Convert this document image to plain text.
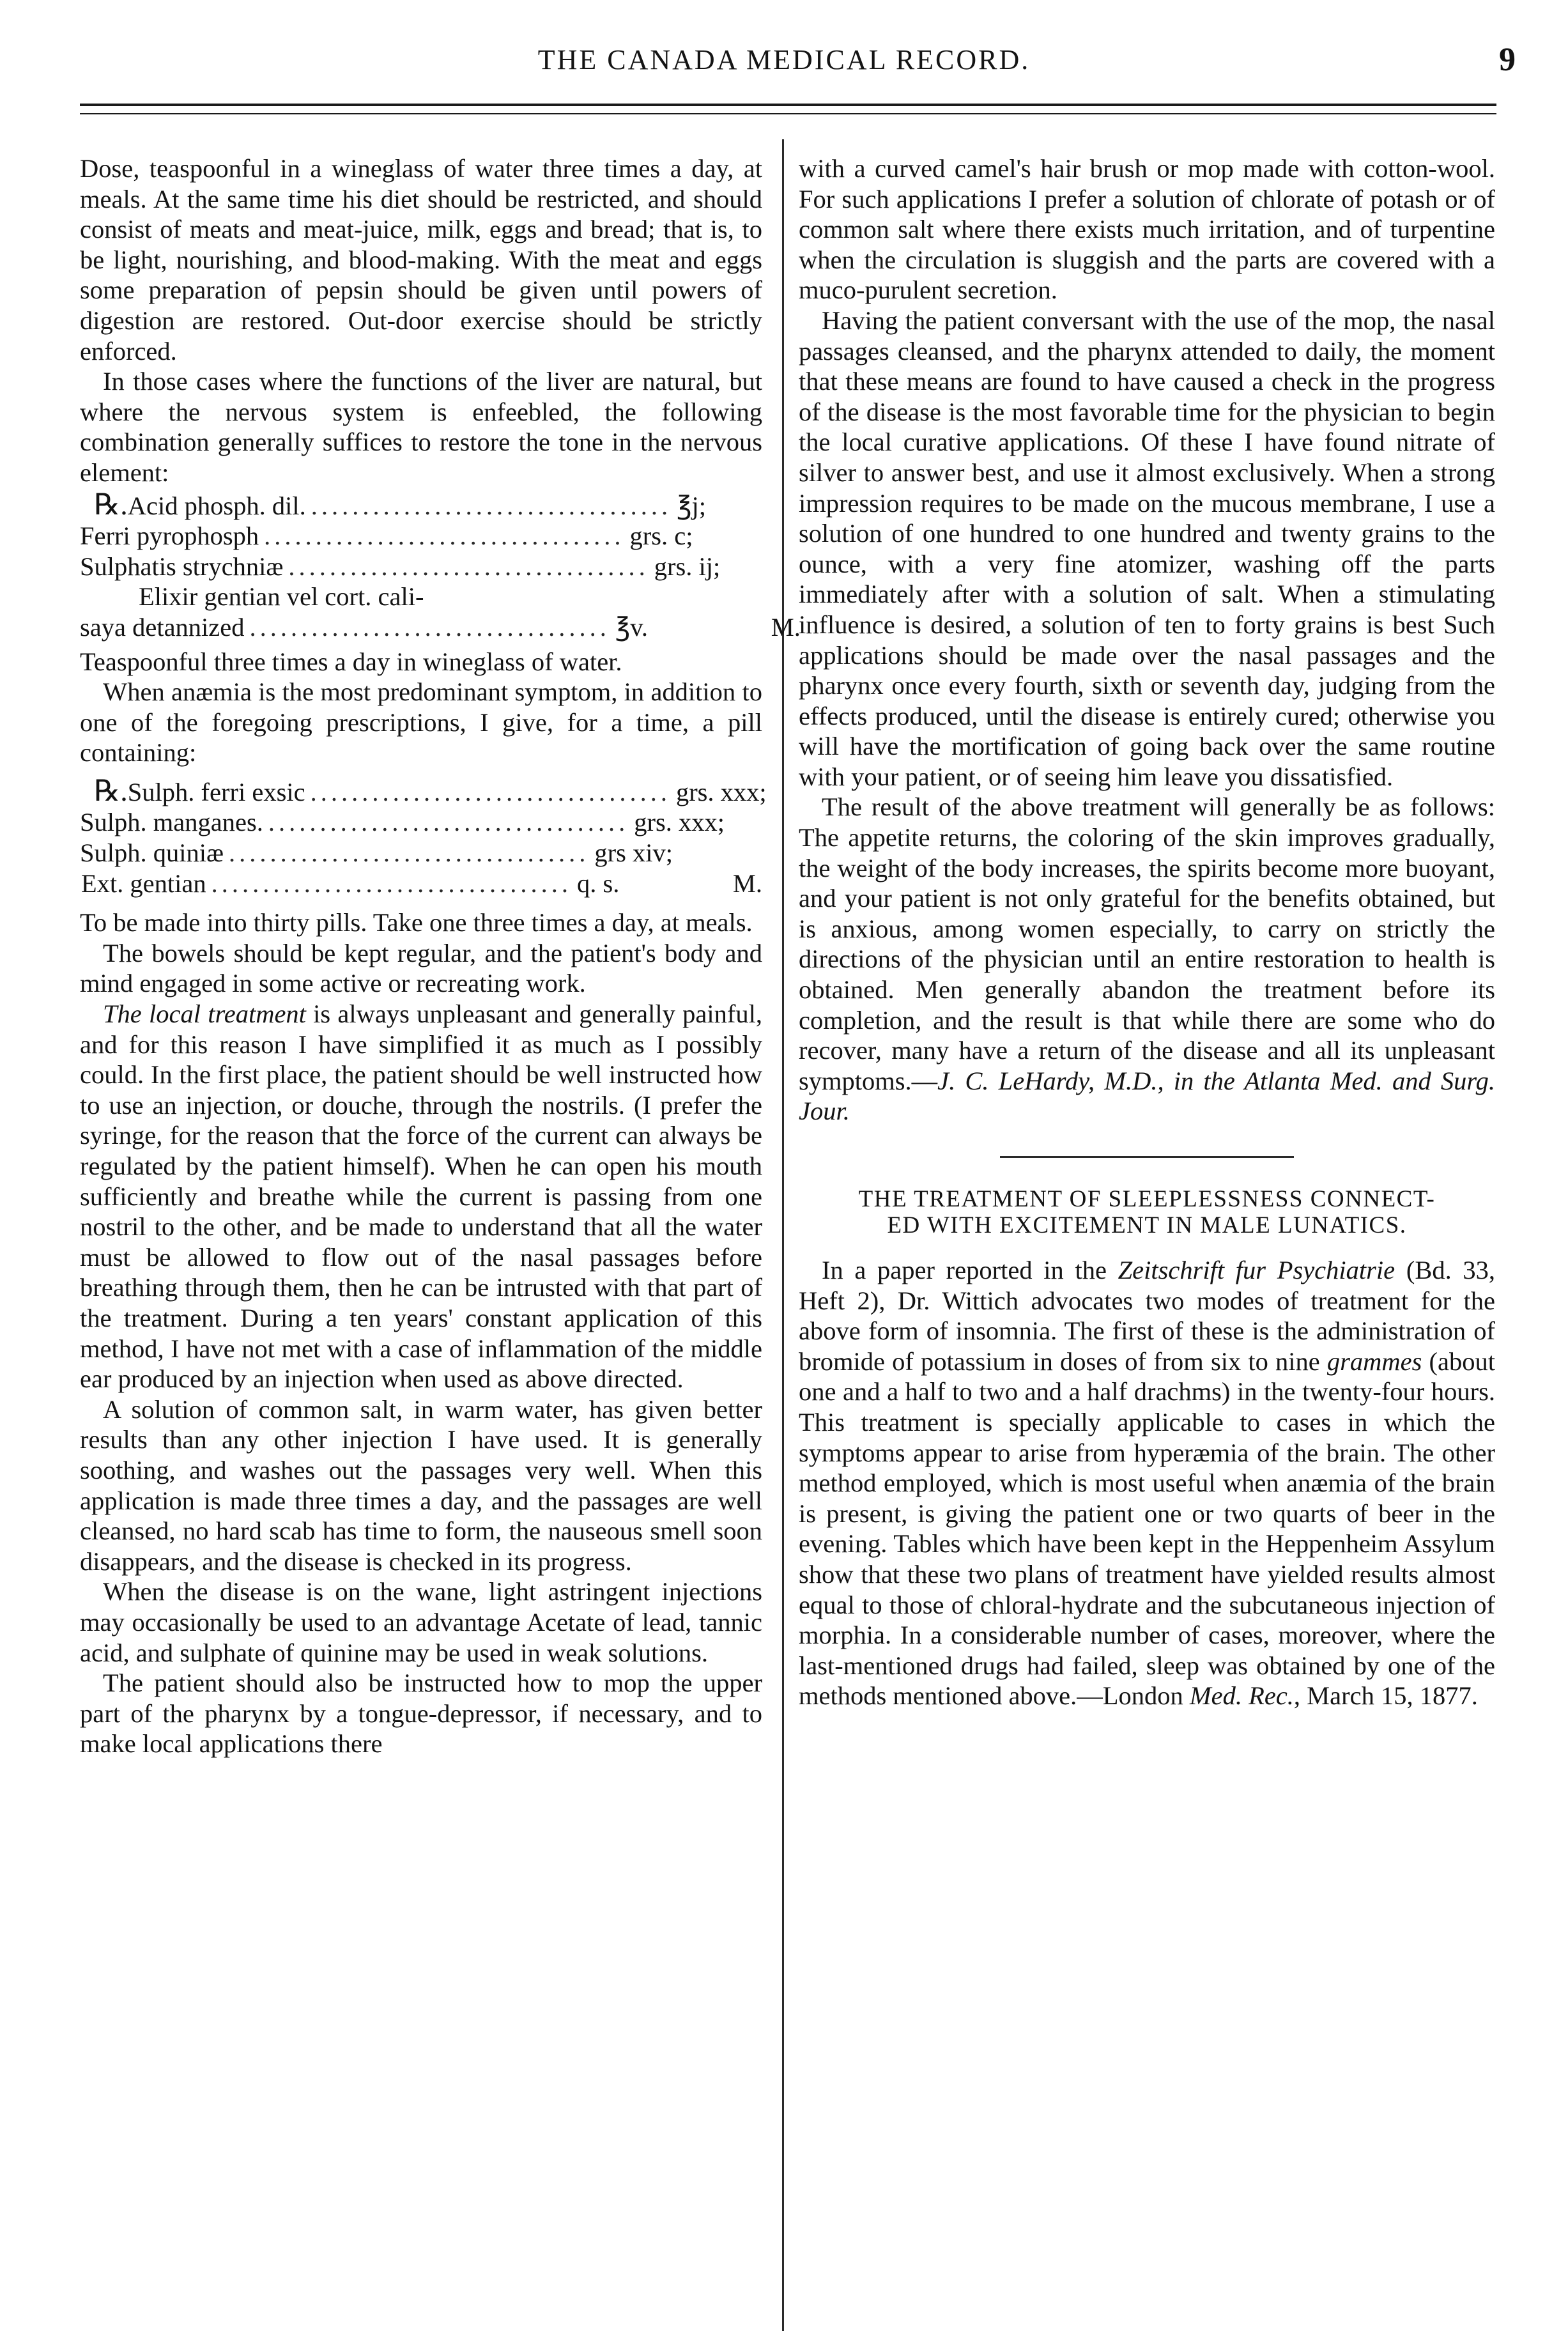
THE CANADA MEDICAL RECORD.	9

Dose, teaspoonful in a wineglass of water three times a day, at meals. At the same time his diet should be restricted, and should consist of meats and meat-juice, milk, eggs and bread; that is, to be light, nourishing, and blood-making. With the meat and eggs some preparation of pepsin should be given until powers of digestion are restored. Out-door exercise should be strictly enforced.

In those cases where the functions of the liver are natural, but where the nervous system is enfeebled, the following combination generally suffices to restore the tone in the nervous element:

℞. Acid phosph. dil. ................................... ℥j;
Ferri pyrophosph ................................... grs. c;
Sulphatis strychniæ ................................... grs. ij;
Elixir gentian vel cort. cali-
saya detannized ................................... ℥v.	M.

Teaspoonful three times a day in wineglass of water.

When anæmia is the most predominant symptom, in addition to one of the foregoing prescriptions, I give, for a time, a pill containing:

℞. Sulph. ferri exsic ................................... grs. xxx;
Sulph. manganes. ................................... grs. xxx;
Sulph. quiniæ ................................... grs xiv;
Ext. gentian ................................... q. s.	M.

To be made into thirty pills. Take one three times a day, at meals.

The bowels should be kept regular, and the patient's body and mind engaged in some active or recreating work.

The local treatment is always unpleasant and generally painful, and for this reason I have simplified it as much as I possibly could. In the first place, the patient should be well instructed how to use an injection, or douche, through the nostrils. (I prefer the syringe, for the reason that the force of the current can always be regulated by the patient himself). When he can open his mouth sufficiently and breathe while the current is passing from one nostril to the other, and be made to understand that all the water must be allowed to flow out of the nasal passages before breathing through them, then he can be intrusted with that part of the treatment. During a ten years' constant application of this method, I have not met with a case of inflammation of the middle ear produced by an injection when used as above directed.

A solution of common salt, in warm water, has given better results than any other injection I have used. It is generally soothing, and washes out the passages very well. When this application is made three times a day, and the passages are well cleansed, no hard scab has time to form, the nauseous smell soon disappears, and the disease is checked in its progress.

When the disease is on the wane, light astringent injections may occasionally be used to an advantage Acetate of lead, tannic acid, and sulphate of quinine may be used in weak solutions.

The patient should also be instructed how to mop the upper part of the pharynx by a tongue-depressor, if necessary, and to make local applications there

with a curved camel's hair brush or mop made with cotton-wool. For such applications I prefer a solution of chlorate of potash or of common salt where there exists much irritation, and of turpentine when the circulation is sluggish and the parts are covered with a muco-purulent secretion.

Having the patient conversant with the use of the mop, the nasal passages cleansed, and the pharynx attended to daily, the moment that these means are found to have caused a check in the progress of the disease is the most favorable time for the physician to begin the local curative applications. Of these I have found nitrate of silver to answer best, and use it almost exclusively. When a strong impression requires to be made on the mucous membrane, I use a solution of one hundred to one hundred and twenty grains to the ounce, with a very fine atomizer, washing off the parts immediately after with a solution of salt. When a stimulating influence is desired, a solution of ten to forty grains is best Such applications should be made over the nasal passages and the pharynx once every fourth, sixth or seventh day, judging from the effects produced, until the disease is entirely cured; otherwise you will have the mortification of going back over the same routine with your patient, or of seeing him leave you dissatisfied.

The result of the above treatment will generally be as follows: The appetite returns, the coloring of the skin improves gradually, the weight of the body increases, the spirits become more buoyant, and your patient is not only grateful for the benefits obtained, but is anxious, among women especially, to carry on strictly the directions of the physician until an entire restoration to health is obtained. Men generally abandon the treatment before its completion, and the result is that while there are some who do recover, many have a return of the disease and all its unpleasant symptoms.—J. C. LeHardy, M.D., in the Atlanta Med. and Surg. Jour.

THE TREATMENT OF SLEEPLESSNESS CONNECT-
ED WITH EXCITEMENT IN MALE LUNATICS.

In a paper reported in the Zeitschrift fur Psychiatrie (Bd. 33, Heft 2), Dr. Wittich advocates two modes of treatment for the above form of insomnia. The first of these is the administration of bromide of potassium in doses of from six to nine grammes (about one and a half to two and a half drachms) in the twenty-four hours. This treatment is specially applicable to cases in which the symptoms appear to arise from hyperæmia of the brain. The other method employed, which is most useful when anæmia of the brain is present, is giving the patient one or two quarts of beer in the evening. Tables which have been kept in the Heppenheim Assylum show that these two plans of treatment have yielded results almost equal to those of chloral-hydrate and the subcutaneous injection of morphia. In a considerable number of cases, moreover, where the last-mentioned drugs had failed, sleep was obtained by one of the methods mentioned above.—London Med. Rec., March 15, 1877.
